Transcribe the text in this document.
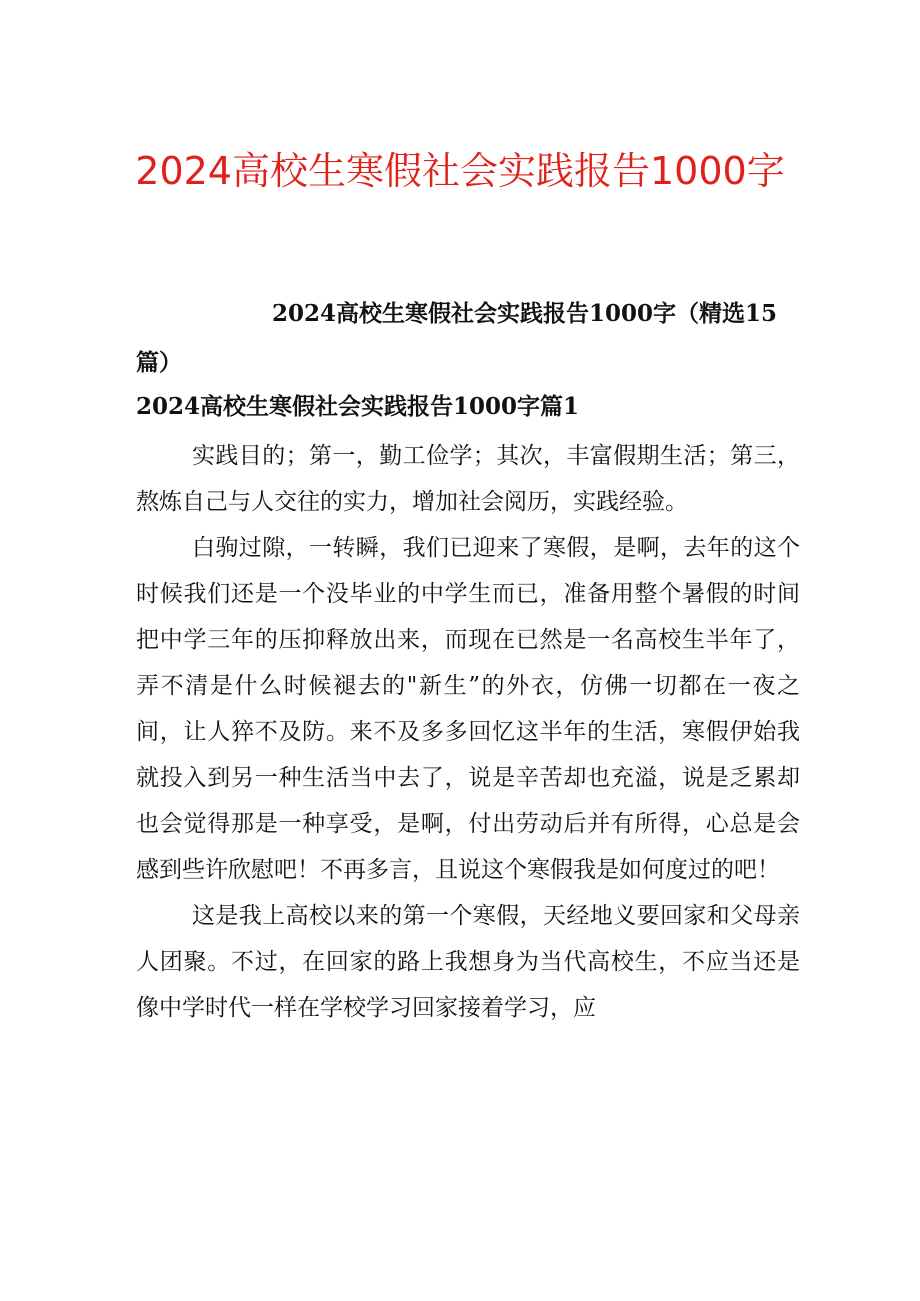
2024高校生寒假社会实践报告1000字
2024高校生寒假社会实践报告1000字（精选15篇）
2024高校生寒假社会实践报告1000字篇1

实践目的；第一，勤工俭学；其次，丰富假期生活；第三，熬炼自己与人交往的实力，增加社会阅历，实践经验。

白驹过隙，一转瞬，我们已迎来了寒假，是啊，去年的这个时候我们还是一个没毕业的中学生而已，准备用整个暑假的时间把中学三年的压抑释放出来，而现在已然是一名高校生半年了，弄不清是什么时候褪去的"新生”的外衣，仿佛一切都在一夜之间，让人猝不及防。来不及多多回忆这半年的生活，寒假伊始我就投入到另一种生活当中去了，说是辛苦却也充溢，说是乏累却也会觉得那是一种享受，是啊，付出劳动后并有所得，心总是会感到些许欣慰吧！不再多言，且说这个寒假我是如何度过的吧！

这是我上高校以来的第一个寒假，天经地义要回家和父母亲人团聚。不过，在回家的路上我想身为当代高校生，不应当还是像中学时代一样在学校学习回家接着学习，应
